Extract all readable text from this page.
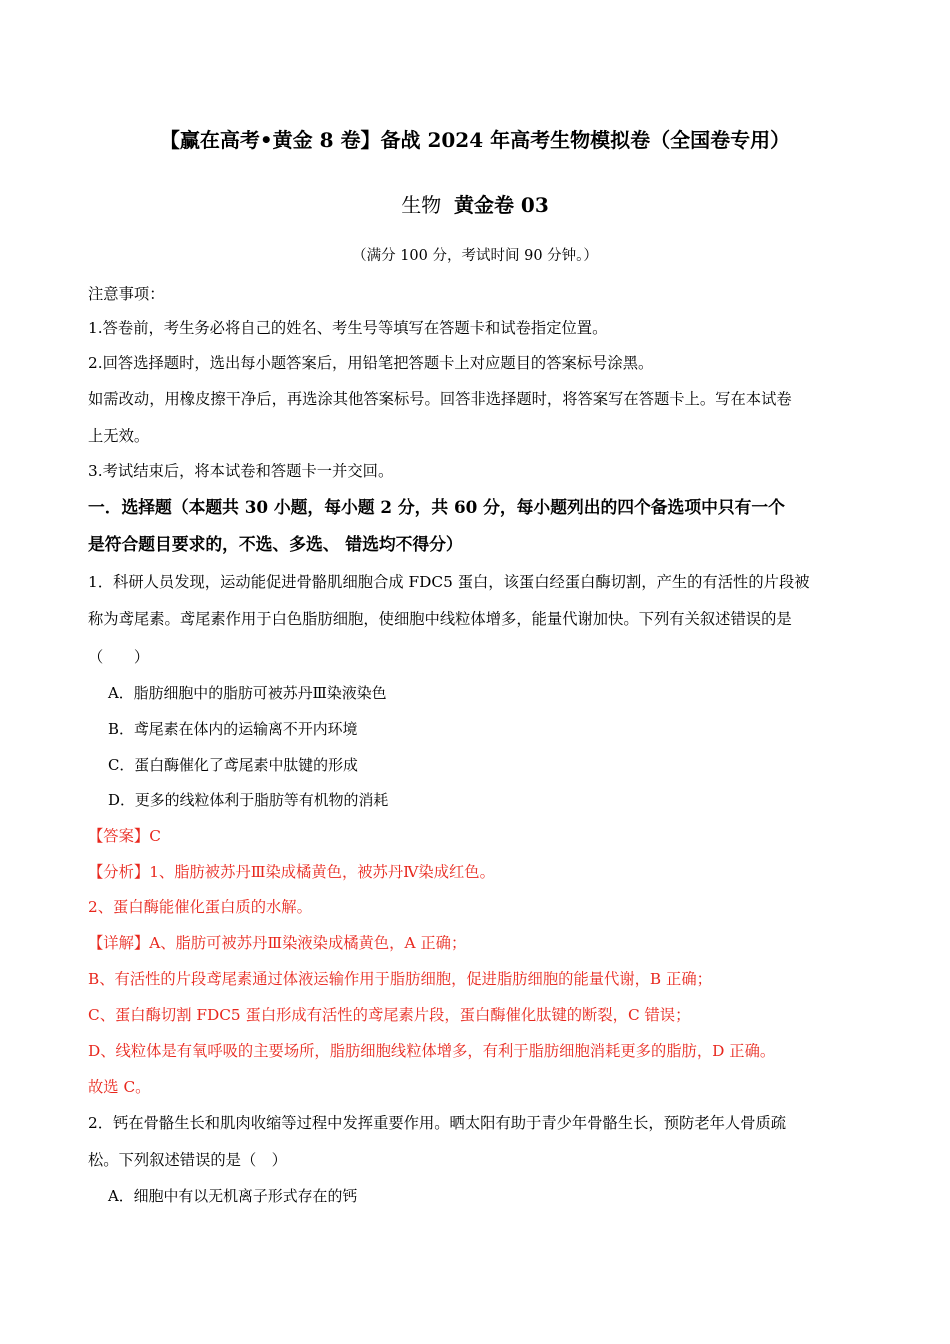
【赢在高考•黄金 8 卷】备战 2024 年高考生物模拟卷（全国卷专用）
生物 黄金卷 03
（满分 100 分，考试时间 90 分钟。）
注意事项：
1.答卷前，考生务必将自己的姓名、考生号等填写在答题卡和试卷指定位置。
2.回答选择题时，选出每小题答案后，用铅笔把答题卡上对应题目的答案标号涂黑。
如需改动，用橡皮擦干净后，再选涂其他答案标号。回答非选择题时，将答案写在答题卡上。写在本试卷
上无效。
3.考试结束后，将本试卷和答题卡一并交回。
一．选择题（本题共 30 小题，每小题 2 分，共 60 分，每小题列出的四个备选项中只有一个
是符合题目要求的，不选、多选、 错选均不得分）
1．科研人员发现，运动能促进骨骼肌细胞合成 FDC5 蛋白，该蛋白经蛋白酶切割，产生的有活性的片段被
称为鸢尾素。鸢尾素作用于白色脂肪细胞，使细胞中线粒体增多，能量代谢加快。下列有关叙述错误的是
（　　）
A．脂肪细胞中的脂肪可被苏丹Ⅲ染液染色
B．鸢尾素在体内的运输离不开内环境
C．蛋白酶催化了鸢尾素中肽键的形成
D．更多的线粒体利于脂肪等有机物的消耗
【答案】C
【分析】1、脂肪被苏丹Ⅲ染成橘黄色，被苏丹Ⅳ染成红色。
2、蛋白酶能催化蛋白质的水解。
【详解】A、脂肪可被苏丹Ⅲ染液染成橘黄色，A 正确；
B、有活性的片段鸢尾素通过体液运输作用于脂肪细胞，促进脂肪细胞的能量代谢，B 正确；
C、蛋白酶切割 FDC5 蛋白形成有活性的鸢尾素片段，蛋白酶催化肽键的断裂，C 错误；
D、线粒体是有氧呼吸的主要场所，脂肪细胞线粒体增多，有利于脂肪细胞消耗更多的脂肪，D 正确。
故选 C。
2．钙在骨骼生长和肌肉收缩等过程中发挥重要作用。晒太阳有助于青少年骨骼生长，预防老年人骨质疏
松。下列叙述错误的是（　）
A．细胞中有以无机离子形式存在的钙
